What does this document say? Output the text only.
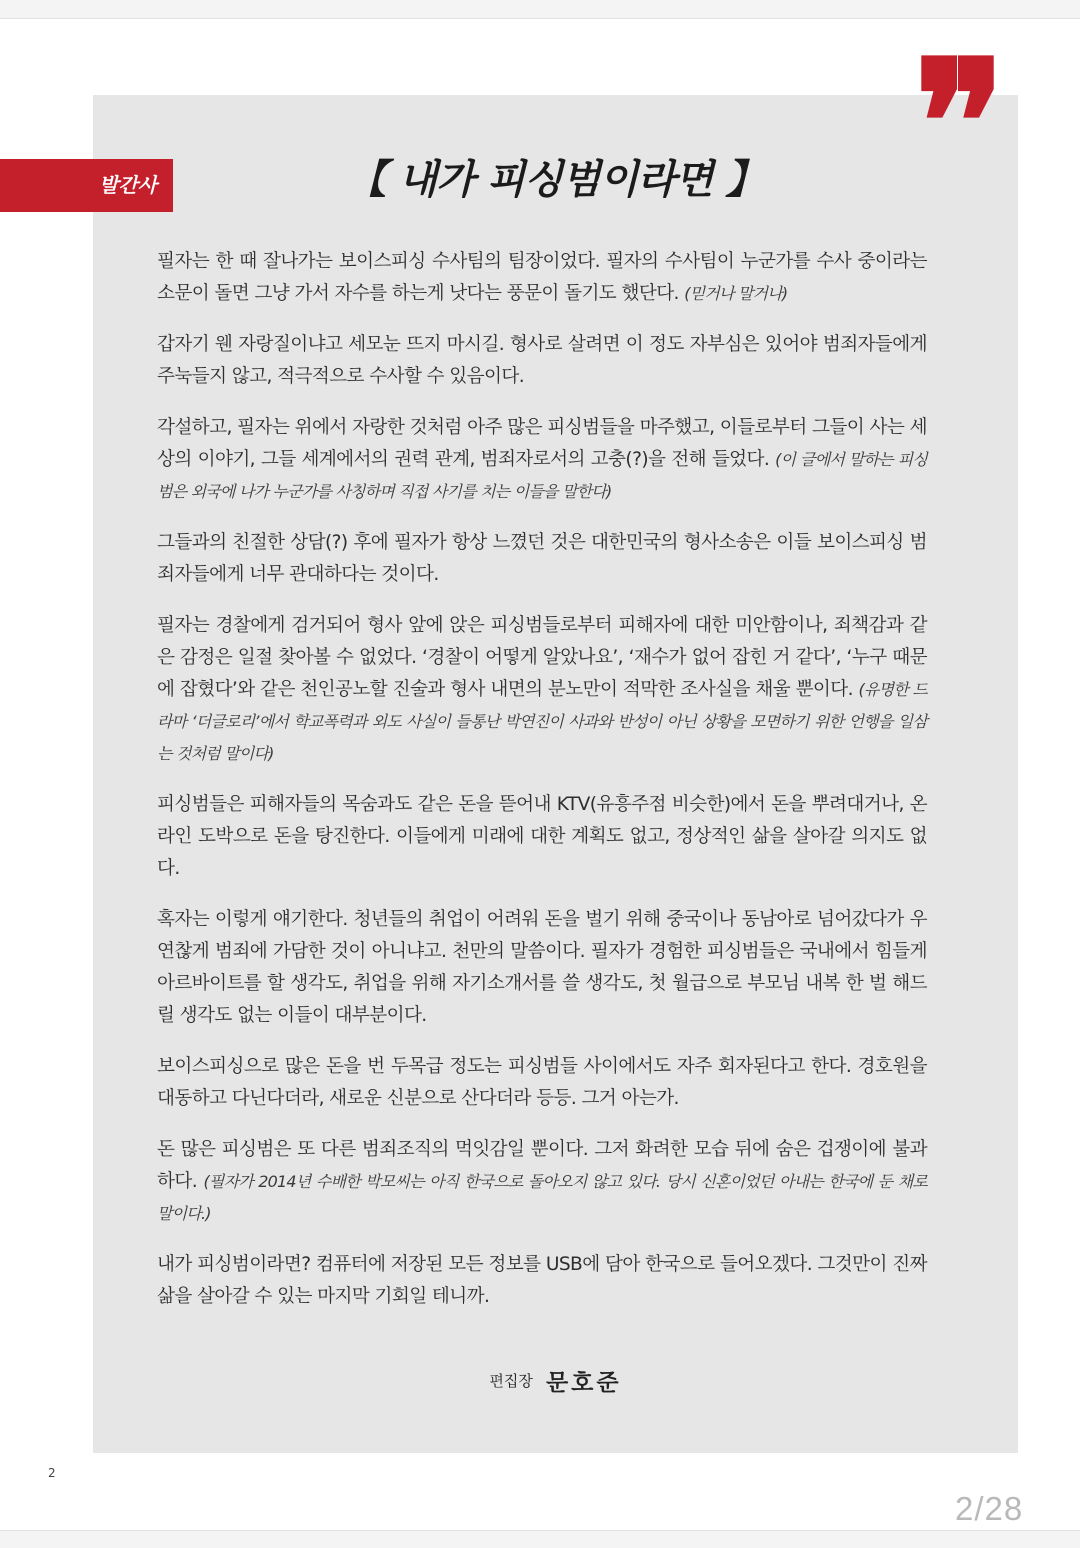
❞
발간사	【 내가 피싱범이라면 】

필자는 한 때 잘나가는 보이스피싱 수사팀의 팀장이었다. 필자의 수사팀이 누군가를 수사 중이라는 소문이 돌면 그냥 가서 자수를 하는게 낫다는 풍문이 돌기도 했단다. (믿거나 말거나)

갑자기 웬 자랑질이냐고 세모눈 뜨지 마시길. 형사로 살려면 이 정도 자부심은 있어야 범죄자들에게 주눅들지 않고, 적극적으로 수사할 수 있음이다.

각설하고, 필자는 위에서 자랑한 것처럼 아주 많은 피싱범들을 마주했고, 이들로부터 그들이 사는 세상의 이야기, 그들 세계에서의 권력 관계, 범죄자로서의 고충(?)을 전해 들었다. (이 글에서 말하는 피싱범은 외국에 나가 누군가를 사칭하며 직접 사기를 치는 이들을 말한다)

그들과의 친절한 상담(?) 후에 필자가 항상 느꼈던 것은 대한민국의 형사소송은 이들 보이스피싱 범죄자들에게 너무 관대하다는 것이다.

필자는 경찰에게 검거되어 형사 앞에 앉은 피싱범들로부터 피해자에 대한 미안함이나, 죄책감과 같은 감정은 일절 찾아볼 수 없었다. ‘경찰이 어떻게 알았나요’, ‘재수가 없어 잡힌 거 같다’, ‘누구 때문에 잡혔다’와 같은 천인공노할 진술과 형사 내면의 분노만이 적막한 조사실을 채울 뿐이다. (유명한 드라마 ‘더글로리’에서 학교폭력과 외도 사실이 들통난 박연진이 사과와 반성이 아닌 상황을 모면하기 위한 언행을 일삼는 것처럼 말이다)

피싱범들은 피해자들의 목숨과도 같은 돈을 뜯어내 KTV(유흥주점 비슷한)에서 돈을 뿌려대거나, 온라인 도박으로 돈을 탕진한다. 이들에게 미래에 대한 계획도 없고, 정상적인 삶을 살아갈 의지도 없다.

혹자는 이렇게 얘기한다. 청년들의 취업이 어려워 돈을 벌기 위해 중국이나 동남아로 넘어갔다가 우연찮게 범죄에 가담한 것이 아니냐고. 천만의 말씀이다. 필자가 경험한 피싱범들은 국내에서 힘들게 아르바이트를 할 생각도, 취업을 위해 자기소개서를 쓸 생각도, 첫 월급으로 부모님 내복 한 벌 해드릴 생각도 없는 이들이 대부분이다.

보이스피싱으로 많은 돈을 번 두목급 정도는 피싱범들 사이에서도 자주 회자된다고 한다. 경호원을 대동하고 다닌다더라, 새로운 신분으로 산다더라 등등. 그거 아는가.

돈 많은 피싱범은 또 다른 범죄조직의 먹잇감일 뿐이다. 그저 화려한 모습 뒤에 숨은 겁쟁이에 불과하다. (필자가 2014년 수배한 박모씨는 아직 한국으로 돌아오지 않고 있다. 당시 신혼이었던 아내는 한국에 둔 채로 말이다.)

내가 피싱범이라면? 컴퓨터에 저장된 모든 정보를 USB에 담아 한국으로 들어오겠다. 그것만이 진짜 삶을 살아갈 수 있는 마지막 기회일 테니까.

편집장 문호준
2
2/28
